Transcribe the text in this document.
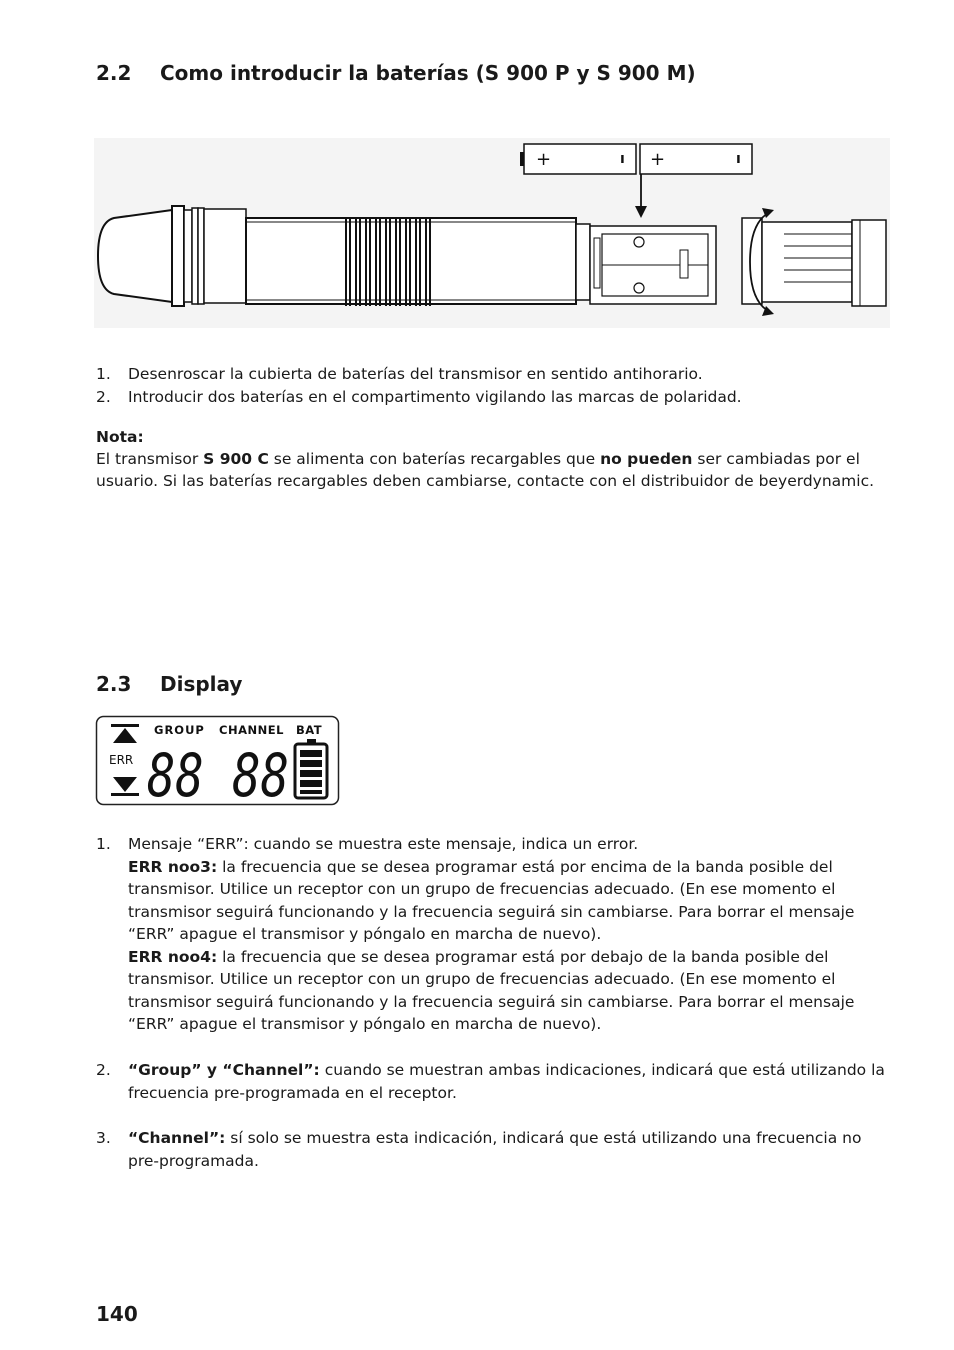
2.2 Como introducir la baterías (S 900 P y S 900 M)
+	ı +	ı
1. Desenroscar la cubierta de baterías del transmisor en sentido antihorario.
2. Introducir dos baterías en el compartimento vigilando las marcas de polaridad.
Nota:
El transmisor S 900 C se alimenta con baterías recargables que no pueden ser cambiadas por el
usuario. Si las baterías recargables deben cambiarse, contacte con el distribuidor de beyerdynamic.
2.3 Display
ERR
GROUP CHANNEL BAT
88 88
1. Mensaje “ERR”: cuando se muestra este mensaje, indica un error.
ERR noo3: la frecuencia que se desea programar está por encima de la banda posible del
transmisor. Utilice un receptor con un grupo de frecuencias adecuado. (En ese momento el
transmisor seguirá funcionando y la frecuencia seguirá sin cambiarse. Para borrar el mensaje
“ERR” apague el transmisor y póngalo en marcha de nuevo).
ERR noo4: la frecuencia que se desea programar está por debajo de la banda posible del
transmisor. Utilice un receptor con un grupo de frecuencias adecuado. (En ese momento el
transmisor seguirá funcionando y la frecuencia seguirá sin cambiarse. Para borrar el mensaje
“ERR” apague el transmisor y póngalo en marcha de nuevo).
2. “Group” y “Channel”: cuando se muestran ambas indicaciones, indicará que está utilizando la
frecuencia pre-programada en el receptor.
3. “Channel”: sí solo se muestra esta indicación, indicará que está utilizando una frecuencia no
pre-programada.
140
